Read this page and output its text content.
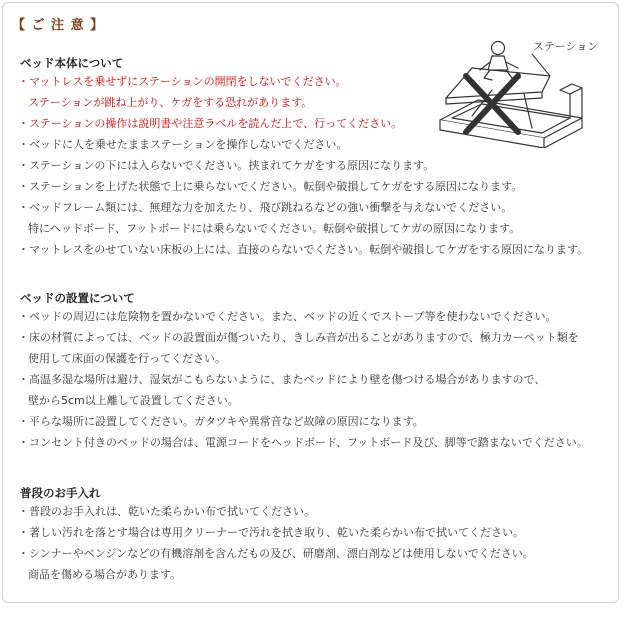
【 ご 注 意 】
ベッド本体について
・マットレスを乗せずにステーションの開閉をしないでください。
ステーションが跳ね上がり、ケガをする恐れがあります。
・ステーションの操作は説明書や注意ラベルを読んだ上で、行ってください。
・ベッドに人を乗せたままステーションを操作しないでください。
・ステーションの下には入らないでください。挟まれてケガをする原因になります。
・ステーションを上げた状態で上に乗らないでください。転倒や破損してケガをする原因になります。
・ベッドフレーム類には、無理な力を加えたり、飛び跳ねるなどの強い衝撃を与えないでください。
特にヘッドボード、フットボードには乗らないでください。転倒や破損してケガの原因になります。
・マットレスをのせていない床板の上には、直接のらないでください。転倒や破損してケガをする原因になります。
ベッドの設置について
・ベッドの周辺には危険物を置かないでください。また、ベッドの近くでストーブ等を使わないでください。
・床の材質によっては、ベッドの設置面が傷ついたり、きしみ音が出ることがありますので、極力カーペット類を
使用して床面の保護を行ってください。
・高温多湿な場所は避け、湿気がこもらないように、またベッドにより壁を傷つける場合がありますので、
壁から5cm以上離して設置してください。
・平らな場所に設置してください。ガタツキや異常音など故障の原因になります。
・コンセント付きのベッドの場合は、電源コードをヘッドボード、フットボード及び、脚等で踏まないでください。
普段のお手入れ
・普段のお手入れは、乾いた柔らかい布で拭いてください。
・著しい汚れを落とす場合は専用クリーナーで汚れを拭き取り、乾いた柔らかい布で拭いてください。
・シンナーやベンジンなどの有機溶剤を含んだもの及び、研磨剤、漂白剤などは使用しないでください。
商品を傷める場合があります。
ステーション
